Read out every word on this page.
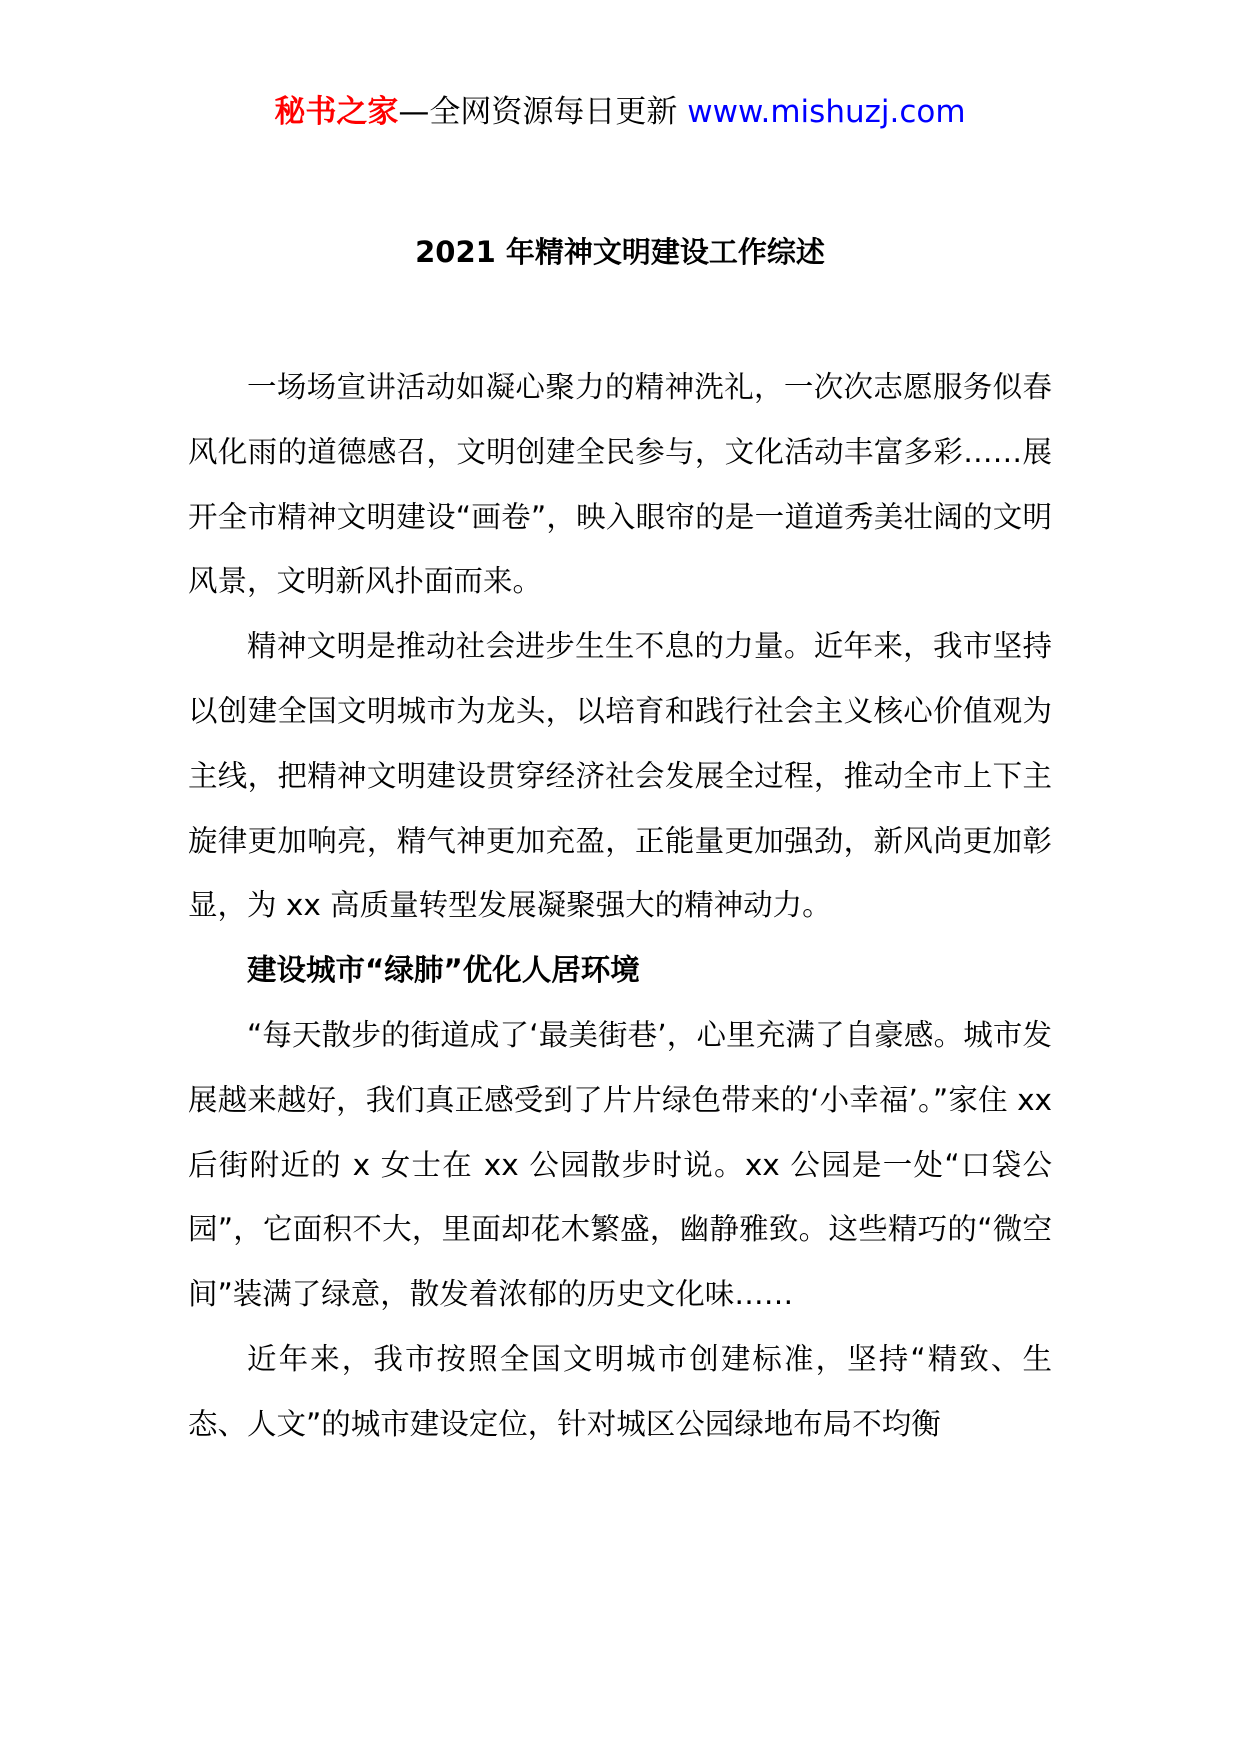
秘书之家—全网资源每日更新 www.mishuzj.com
2021 年精神文明建设工作综述

一场场宣讲活动如凝心聚力的精神洗礼，一次次志愿服务似春风化雨的道德感召，文明创建全民参与，文化活动丰富多彩……展开全市精神文明建设“画卷”，映入眼帘的是一道道秀美壮阔的文明风景，文明新风扑面而来。

精神文明是推动社会进步生生不息的力量。近年来，我市坚持以创建全国文明城市为龙头，以培育和践行社会主义核心价值观为主线，把精神文明建设贯穿经济社会发展全过程，推动全市上下主旋律更加响亮，精气神更加充盈，正能量更加强劲，新风尚更加彰显，为 xx 高质量转型发展凝聚强大的精神动力。

建设城市“绿肺”优化人居环境

“每天散步的街道成了‘最美街巷’，心里充满了自豪感。城市发展越来越好，我们真正感受到了片片绿色带来的‘小幸福’。”家住 xx 后街附近的 x 女士在 xx 公园散步时说。xx 公园是一处“口袋公园”，它面积不大，里面却花木繁盛，幽静雅致。这些精巧的“微空间”装满了绿意，散发着浓郁的历史文化味……

近年来，我市按照全国文明城市创建标准，坚持“精致、生态、人文”的城市建设定位，针对城区公园绿地布局不均衡
